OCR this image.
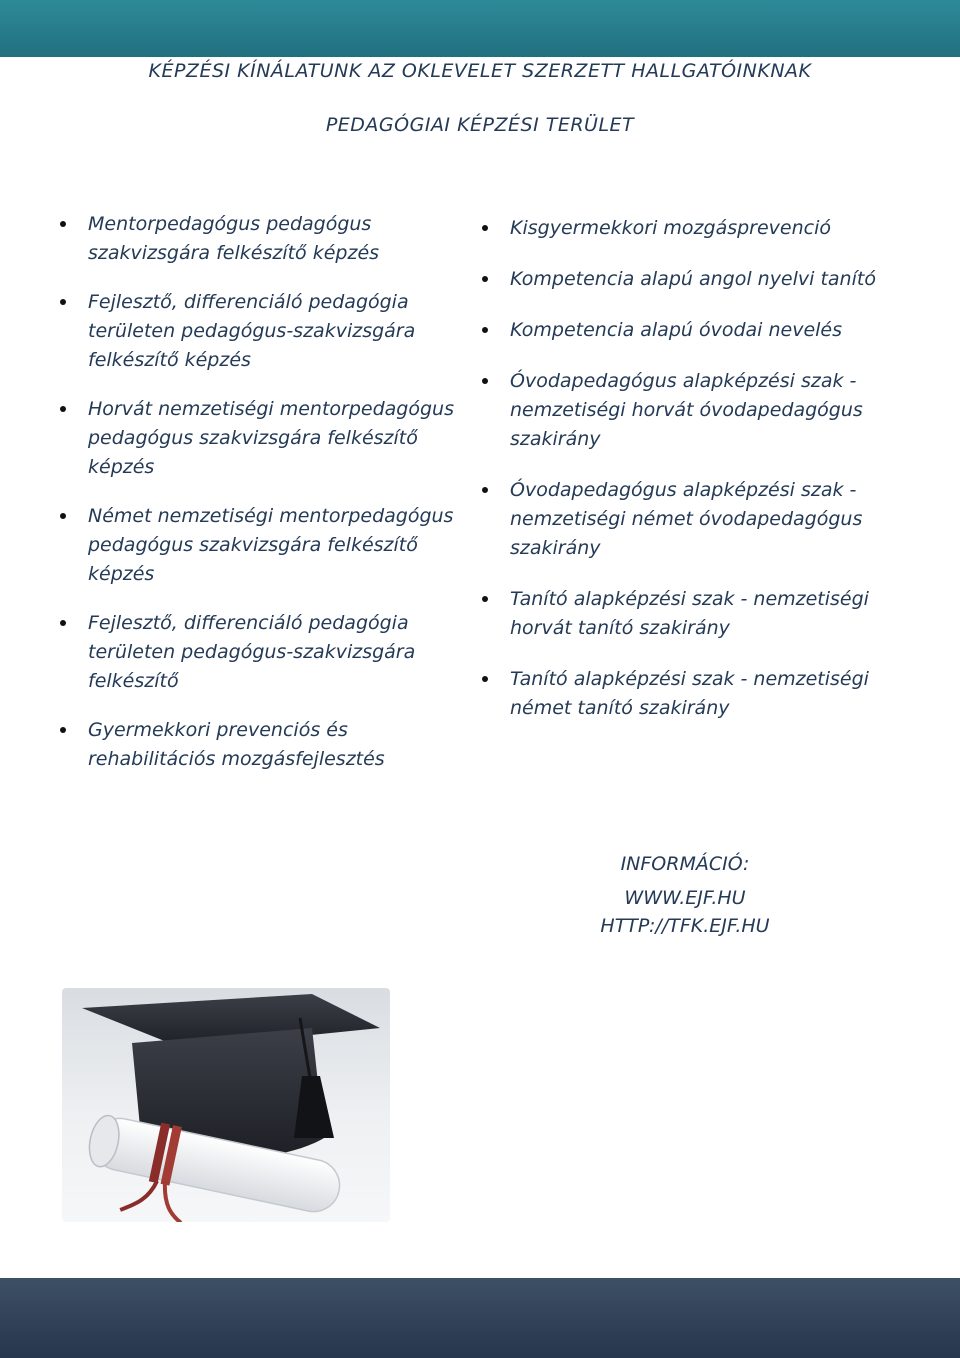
KÉPZÉSI KÍNÁLATUNK AZ OKLEVELET SZERZETT HALLGATÓINKNAK
PEDAGÓGIAI KÉPZÉSI TERÜLET
Mentorpedagógus pedagógus szakvizsgára felkészítő képzés
Fejlesztő, differenciáló pedagógia területen pedagógus-szakvizsgára felkészítő képzés
Horvát nemzetiségi mentorpedagógus pedagógus szakvizsgára felkészítő képzés
Német nemzetiségi mentorpedagógus pedagógus szakvizsgára felkészítő képzés
Fejlesztő, differenciáló pedagógia területen pedagógus-szakvizsgára felkészítő
Gyermekkori prevenciós és rehabilitációs mozgásfejlesztés
Kisgyermekkori mozgásprevenció
Kompetencia alapú angol nyelvi tanító
Kompetencia alapú óvodai nevelés
Óvodapedagógus alapképzési szak - nemzetiségi horvát óvodapedagógus szakirány
Óvodapedagógus alapképzési szak - nemzetiségi német óvodapedagógus szakirány
Tanító alapképzési szak - nemzetiségi horvát tanító szakirány
Tanító alapképzési szak - nemzetiségi német tanító szakirány
INFORMÁCIÓ:
WWW.EJF.HU
HTTP://TFK.EJF.HU
